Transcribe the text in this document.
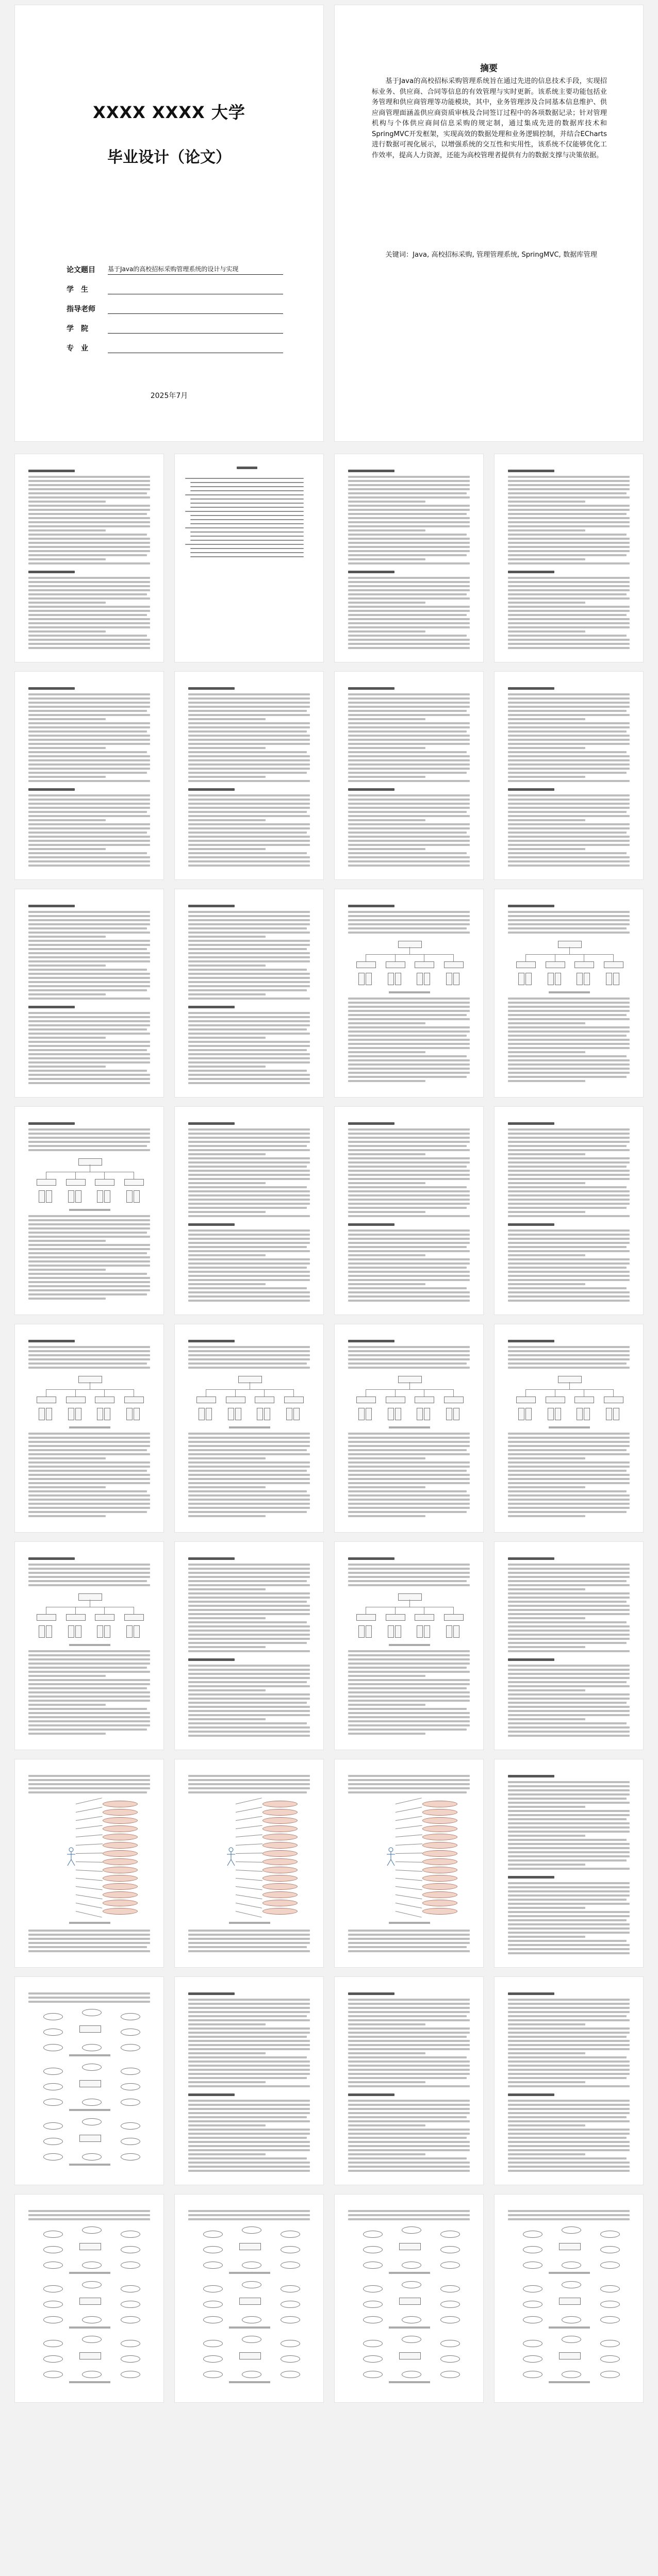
XXXX XXXX 大学
毕业设计（论文）
论文题目	基于Java的高校招标采购管理系统的设计与实现
学　生
指导老师
学　院
专　业
2025年7月
摘要
基于Java的高校招标采购管理系统旨在通过先进的信息技术手段，实现招标业务、供应商、合同等信息的有效管理与实时更新。该系统主要功能包括业务管理和供应商管理等功能模块，其中，业务管理涉及合同基本信息维护、供应商管理面涵盖供应商资质审核及合同签订过程中的各项数据记录；针对管理机构与个体供应商间信息采购的规定制，通过集成先进的数据库技术和SpringMVC开发框架，实现高效的数据处理和业务逻辑控制，并结合ECharts进行数据可视化展示，以增强系统的交互性和实用性，该系统不仅能够优化工作效率，提高人力资源，还能为高校管理者提供有力的数据支撑与决策依据。
关键词：Java, 高校招标采购, 管理管理系统, SpringMVC, 数据库管理
